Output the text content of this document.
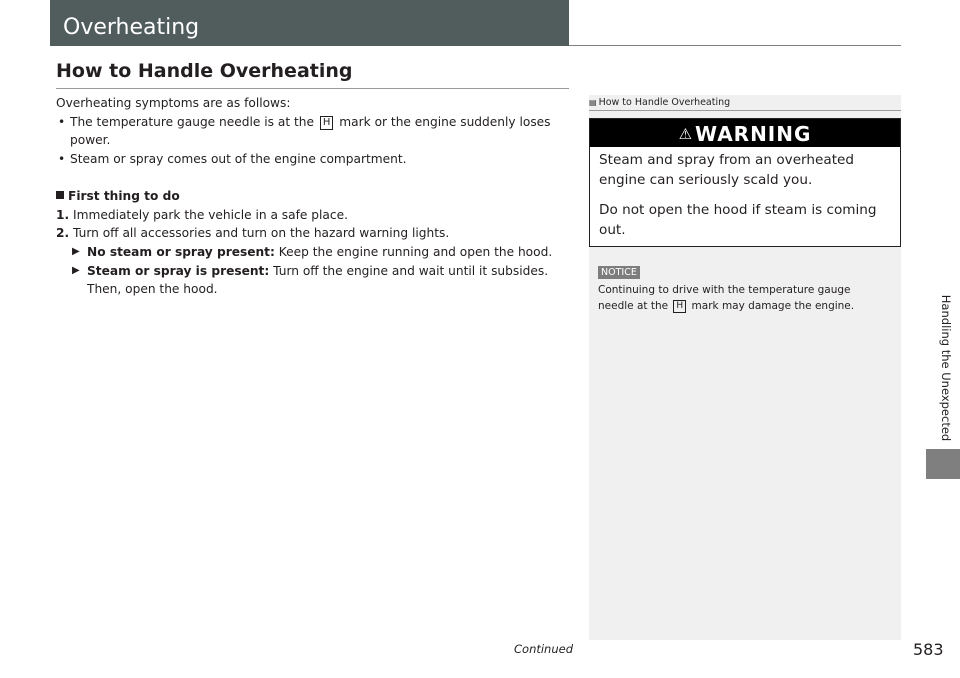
Overheating
How to Handle Overheating

Overheating symptoms are as follows:

• The temperature gauge needle is at the H mark or the engine suddenly loses power.

• Steam or spray comes out of the engine compartment.

First thing to do

1. Immediately park the vehicle in a safe place.

2. Turn off all accessories and turn on the hazard warning lights.

▶ No steam or spray present: Keep the engine running and open the hood.

▶ Steam or spray is present: Turn off the engine and wait until it subsides. Then, open the hood.

▤ How to Handle Overheating
⚠ WARNING

Steam and spray from an overheated engine can seriously scald you.

Do not open the hood if steam is coming out.

NOTICE
Continuing to drive with the temperature gauge needle at the H mark may damage the engine.	Handling the Unexpected
Continued	583
